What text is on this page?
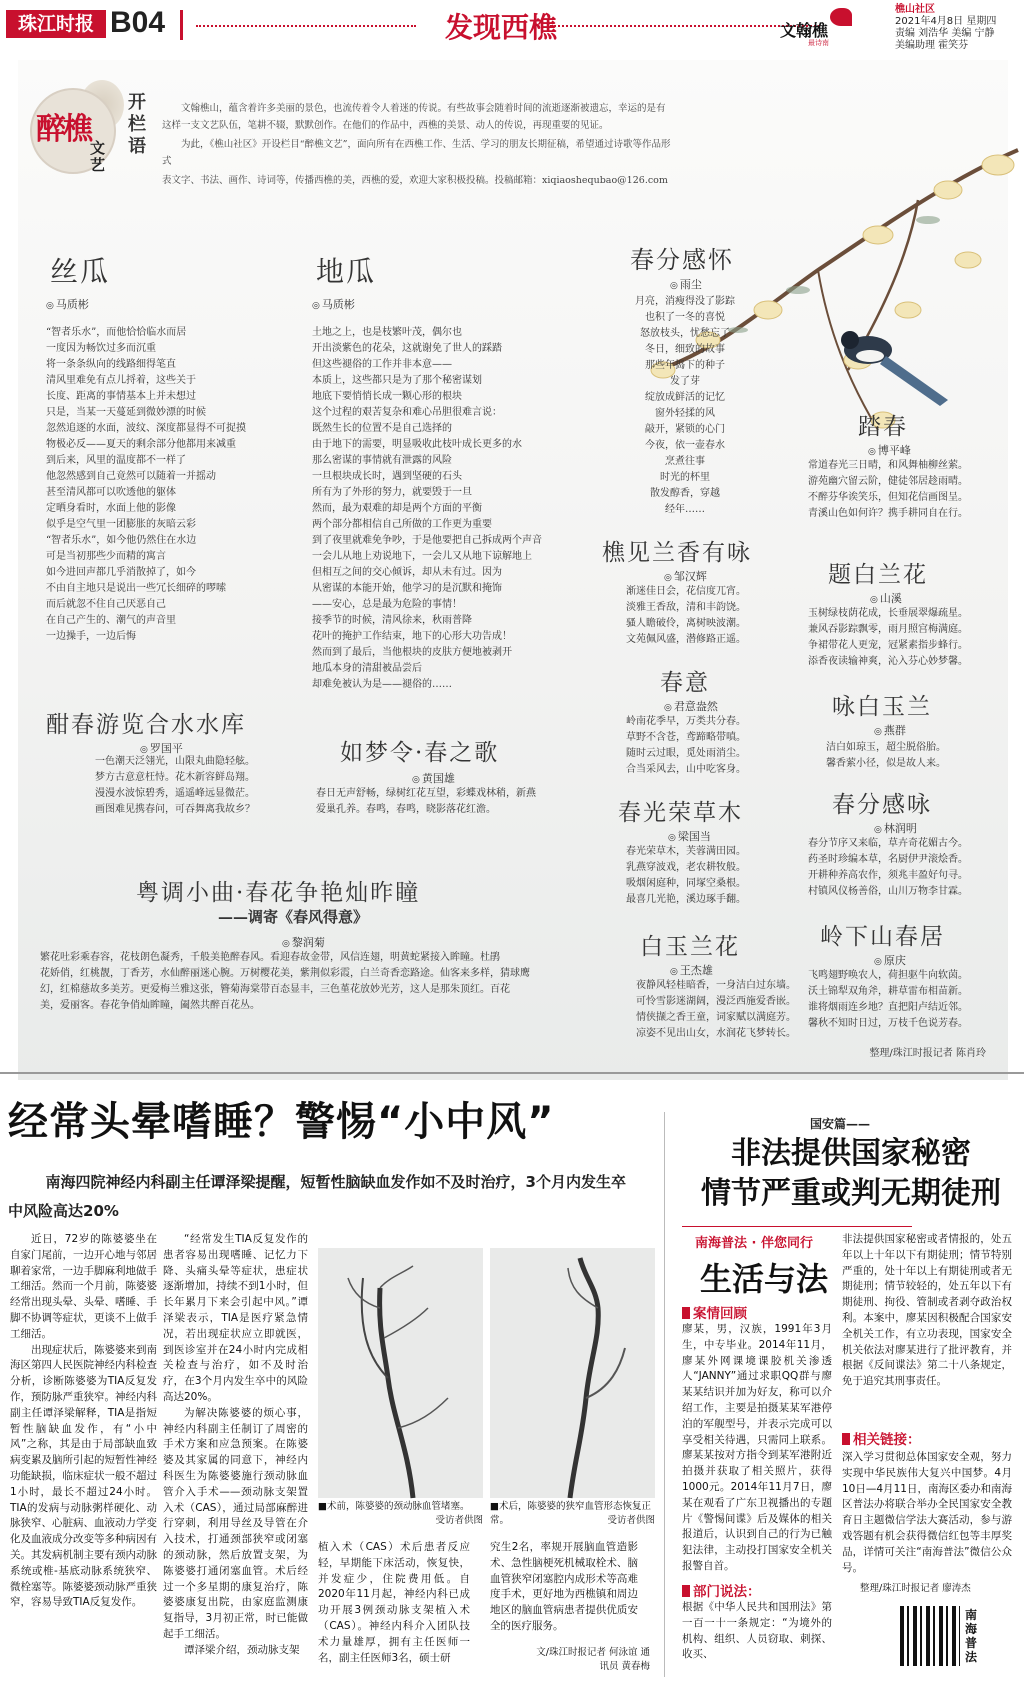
珠江时报 B04	发现西樵	文翰樵
最诗南
樵山社区
2021年4月8日 星期四
责编 刘浩华 美编 宁静
美编助理 霍笑芬
醉樵
文艺
开栏语

文翰樵山，蕴含着许多美丽的景色，也流传着令人着迷的传说。有些故事会随着时间的流逝逐渐被遗忘，幸运的是有这样一支文艺队伍，笔耕不辍，默默创作。在他们的作品中，西樵的美景、动人的传说，再现重要的见证。

为此，《樵山社区》开设栏目“醉樵文艺”，面向所有在西樵工作、生活、学习的朋友长期征稿，希望通过诗歌等作品形式

表文字、书法、画作、诗词等，传播西樵的美，西樵的爱，欢迎大家积极投稿。投稿邮箱：xiqiaoshequbao@126.com

丝瓜
◎ 马质彬
“智者乐水”，而他恰恰临水而居
一度因为畅饮过多而沉重
将一条条纵向的线路细得笔直
清风里难免有点儿捋着，这些关于
长度、距离的事情基本上并未想过
只是，当某一天蔓延到微妙漂的时候
忽然追逐的水面，波纹、深度都显得不可捉摸
物极必反——夏天的剩余部分他都用来减重
到后来，风里的温度都不一样了
他忽然感到自己竟然可以随着一并摇动
甚至清风都可以吹透他的躯体
定晒身看时，水面上他的影像
似乎是空气里一团膨胀的灰暗云彩
“智者乐水”，如今他仍然住在水边
可是当初那些少而精的寓言
如今进回声都几乎消散掉了，如今
不由自主地只是说出一些冗长细碎的啰嗦
而后就忽不住自己厌恶自己
在自己产生的、潮气的声音里
一边操手，一边后悔
地瓜
◎ 马质彬
土地之上，也是枝繁叶茂，偶尔也
开出淡紫色的花朵，这就谢免了世人的踩踏
但这些褪俗的工作并非本意——
本质上，这些都只是为了那个秘密谋划
地底下要悄悄长成一颗心形的根块
这个过程的艰苦复杂和难心吊胆很难言说：
既然生长的位置不是自己选择的
由于地下的需要，明显吸收此枝叶成长更多的水
那么密谋的事情就有泄露的风险
一旦根块成长时，遇到坚硬的石头
所有为了外形的努力，就要毁于一旦
然而，最为艰难的却是两个方面的平衡
两个部分都相信自己所做的工作更为重要
到了夜里就难免争吵，于是他要把自己拆成两个声音
一会儿从地上劝说地下，一会儿又从地下谅解地上
但相互之间的交心倾诉，却从未有过。因为
从密谋的本能开始，他学习的是沉默和掩饰
——安心，总是最为危险的事情！
接季节的时候，清风徐来，秋雨普降
花叶的掩护工作结束，地下的心形大功告成！
然而到了最后，当他根块的皮肤方便地被剥开
地瓜本身的清甜被品尝后
却难免被认为是——褪俗的……
春分感怀
◎ 雨尘
月亮，消瘦得没了影踪
也积了一冬的喜悦
怒放枝头，忧愁忘了
冬日，细致的故事
那些年捣下的种子
发了芽
绽放成鲜活的记忆
窗外轻揉的风
敲开，紧锁的心门
今夜，依一壶春水
烹煮往事
时光的杯里
散发醇香，穿越
经年……
踏春
◎ 博平峰
常道春光三日晴，和风舞柚柳丝萦。
游苑幽穴留云阶，健徒邻居趁雨晴。
不醉芬华诶笑乐，但知花信画图呈。
青溪山色如何许？携手耕同自在行。
樵见兰香有咏
◎ 邹汉辉
渐迷佳日会，花信度兀宵。
淡雅王香敌，清和丰韵饶。
骚人瞻破伶，离树映波潮。
文苑佩风盛，潜修路正遥。
题白兰花
◎ 山溪
玉树绿枝荫花成，长垂展翠爆疏星。
兼风吞影踪飘零，雨月照宫梅满庭。
争裙带花人更宠，冠紧素指步蜂行。
添香夜读输神爽，沁入芬心妙梦馨。
春意
◎ 君意盎然
岭南花季早，万类共分春。
草野不含苍，鸢蹄略带嗔。
随时云过眼，觅处雨消尘。
合当采风去，山中吃客身。
咏白玉兰
◎ 燕群
洁白如琼玉，超尘脱俗胎。
馨香萦小径，似是故人来。
酣春游览合水水库
◎ 罗国平
一色潮天泛翎光，山限丸曲隐轻舷。
梦方古意意枉恃。花木新容鲜岛翔。
漫漫水波惊碧秀，遥遥峰远显微茫。
画图难见携春问，可吞舞离我故乡？
如梦令·春之歌
◎ 黄国雄
春日无声舒畅，绿树红花互望，彩蝶戏林稍，新燕
爱巢孔养。春鸣，春鸣，晓影落花红澹。	春光荣草木
◎ 梁国当
春光荣草木，芙蓉满田园。
乳燕穿波戏，老农耕牧般。
吸烟闲庭种，同塚空桑根。
最喜几光艳，溪边琢手翻。
春分感咏
◎ 林润明
春分节序又来临，草卉奇花媚古今。
药圣时珍编本草，名厨伊尹滚烩香。
开耕种养高农作，须兆丰盈好句寻。
村镇风仪杨善俗，山川万物李甘霖。
白玉兰花
◎ 王杰雄
夜静风轻桂暗香，一身洁白过东墙。
可怜雪影迷湖阔，漫泛西施爱香嵌。
情侠撷之香王童，词家赋以满庭芳。
凉姿不见出山女，水润花飞梦转长。
岭下山春居
◎ 原庆
飞鸣翅野唤农人，荷担驱牛向软茵。
沃土锦犁双角斧，耕草雷布相苗新。
谁将烟雨连乡地？直把阳卢结近邻。
馨秋不知时日过，万枝千色说芳春。
粤调小曲·春花争艳灿昨瞳
——调寄《春风得意》
◎ 黎润菊
繁花吐彩乘春容，花枝朗色凝秀，千般美艳醉春风。看迎春故金带，风信连翅，明黄蛇紧接入眸瞳。杜鹃
花娇俏，红桃靓，丁香芳，水仙醉丽迷心腕。万树樱花美，紫荆似彩霞，白兰奇香恋路途。仙客来多样，猜球鹰
幻，红棉慈故多美芳。更爱梅兰雅这张，簪菊海棠带百态显丰，三色堇花放妙光芳，这人是那朱顶红。百花
美，爱丽客。春花争俏灿眸瞳，阖然共醉百花丛。
整理/珠江时报记者 陈肖玲
经常头晕嗜睡？警惕“小中风”
南海四院神经内科副主任谭泽梁提醒，短暂性脑缺血发作如不及时治疗，3个月内发生卒中风险高达20%

近日，72岁的陈婆婆坐在自家门尾前，一边开心地与邻居聊着家常，一边手脚麻利地做手工细活。然而一个月前，陈婆婆经常出现头晕、头晕、嗜睡、手脚不协调等症状，更谈不上做手工细活。

出现症状后，陈婆婆来到南海区第四人民医院神经内科检查分析，诊断陈婆婆为TIA反复发作，预防脉严重狭窄。神经内科副主任谭泽梁解释，TIA是指短暂性脑缺血发作，有“小中风”之称，其是由于局部缺血致病变累及脑所引起的短暂性神经功能缺损，临床症状一般不超过1小时，最长不超过24小时。TIA的发病与动脉粥样硬化、动脉狭窄、心脏病、血液动力学变化及血液成分改变等多种病因有关。其发病机制主要有颈内动脉系统或椎-基底动脉系统狭窄、微栓塞等。陈婆婆颈动脉严重狭窄，容易导致TIA反复发作。

“经常发生TIA反复发作的患者容易出现嗜睡、记忆力下降、头痛头晕等症状，患症状逐渐增加，持续不到1小时，但长年累月下来会引起中风。”谭泽梁表示，TIA是医疗紧急情况，若出现症状应立即就医，到医诊室并在24小时内完成相关检查与治疗，如不及时治疗，在3个月内发生卒中的风险高达20%。

为解决陈婆婆的烦心事，神经内科副主任制订了周密的手术方案和应急预案。在陈婆婆及其家属的同意下，神经内科医生为陈婆婆施行颈动脉血管介入手术——颈动脉支架置入术（CAS），通过局部麻醉进行穿刺，利用导丝及导管在介入技术，打通颈部狭窄或闭塞的颈动脉，然后放置支架，为陈婆婆打通闭塞血管。术后经过一个多星期的康复治疗，陈婆婆康复出院，由家庭监测康复指导，3月初正常，时已能做起手工细活。

谭泽梁介绍，颈动脉支架

■术前，陈婆婆的颈动脉血管堵塞。
受访者供图
■术后，陈婆婆的狭窄血管形态恢复正常。	受访者供图
植入术（CAS）术后患者反应轻，早期能下床活动，恢复快，并发症少，住院费用低。自2020年11月起，神经内科已成功开展3例颈动脉支架植入术（CAS）。神经内科介入团队技术力量雄厚，拥有主任医师一名，副主任医师3名，硕士研
究生2名，率规开展脑血管造影术、急性脑梗死机械取栓术、脑血管狭窄闭塞腔内成形术等高难度手术，更好地为西樵镇和周边地区的脑血管病患者提供优质安全的医疗服务。
文/珠江时报记者 何泳谊 通讯员 黄春梅
国安篇——
非法提供国家秘密
情节严重或判无期徒刑
南海普法 · 伴您同行
生活与法
案情回顾
廖某，男，汉族，1991年3月生，中专毕业。2014年11月，廖某外网课境课胶机关渗透人“JANNY”通过求职QQ群与廖某某结识并加为好友，称可以介绍工作，主要是拍摄某某军港停泊的军舰型号，并表示完成可以享受相关待遇，只需同上联系。廖某某按对方指令到某军港附近拍摄并获取了相关照片，获得1000元。2014年11月7日，廖某在观看了广东卫视播出的专题片《警惕间谍》后及媒体的相关报道后，认识到自己的行为已触犯法律，主动投打国家安全机关报警自首。
非法提供国家秘密或者情报的，处五年以上十年以下有期徒刑；情节特别严重的，处十年以上有期徒刑或者无期徒刑；情节较轻的，处五年以下有期徒刑、拘役、管制或者剥夺政治权利。本案中，廖某因积极配合国家安全机关工作，有立功表现，国家安全机关依法对廖某进行了批评教育，并根据《反间谍法》第二十八条规定，免于追究其刑事责任。
相关链接：
深入学习贯彻总体国家安全观，努力实现中华民族伟大复兴中国梦。4月10日—4月11日，南海区委办和南海区普法办将联合举办全民国家安全教育日主题微信学法大赛活动，参与游戏答题有机会获得微信红包等丰厚奖品，详情可关注“南海普法”微信公众号。
整理/珠江时报记者 廖涛杰
部门说法：
根据《中华人民共和国刑法》第一百一十一条规定：“为境外的机构、组织、人员窃取、刺探、收买、
南海普法
